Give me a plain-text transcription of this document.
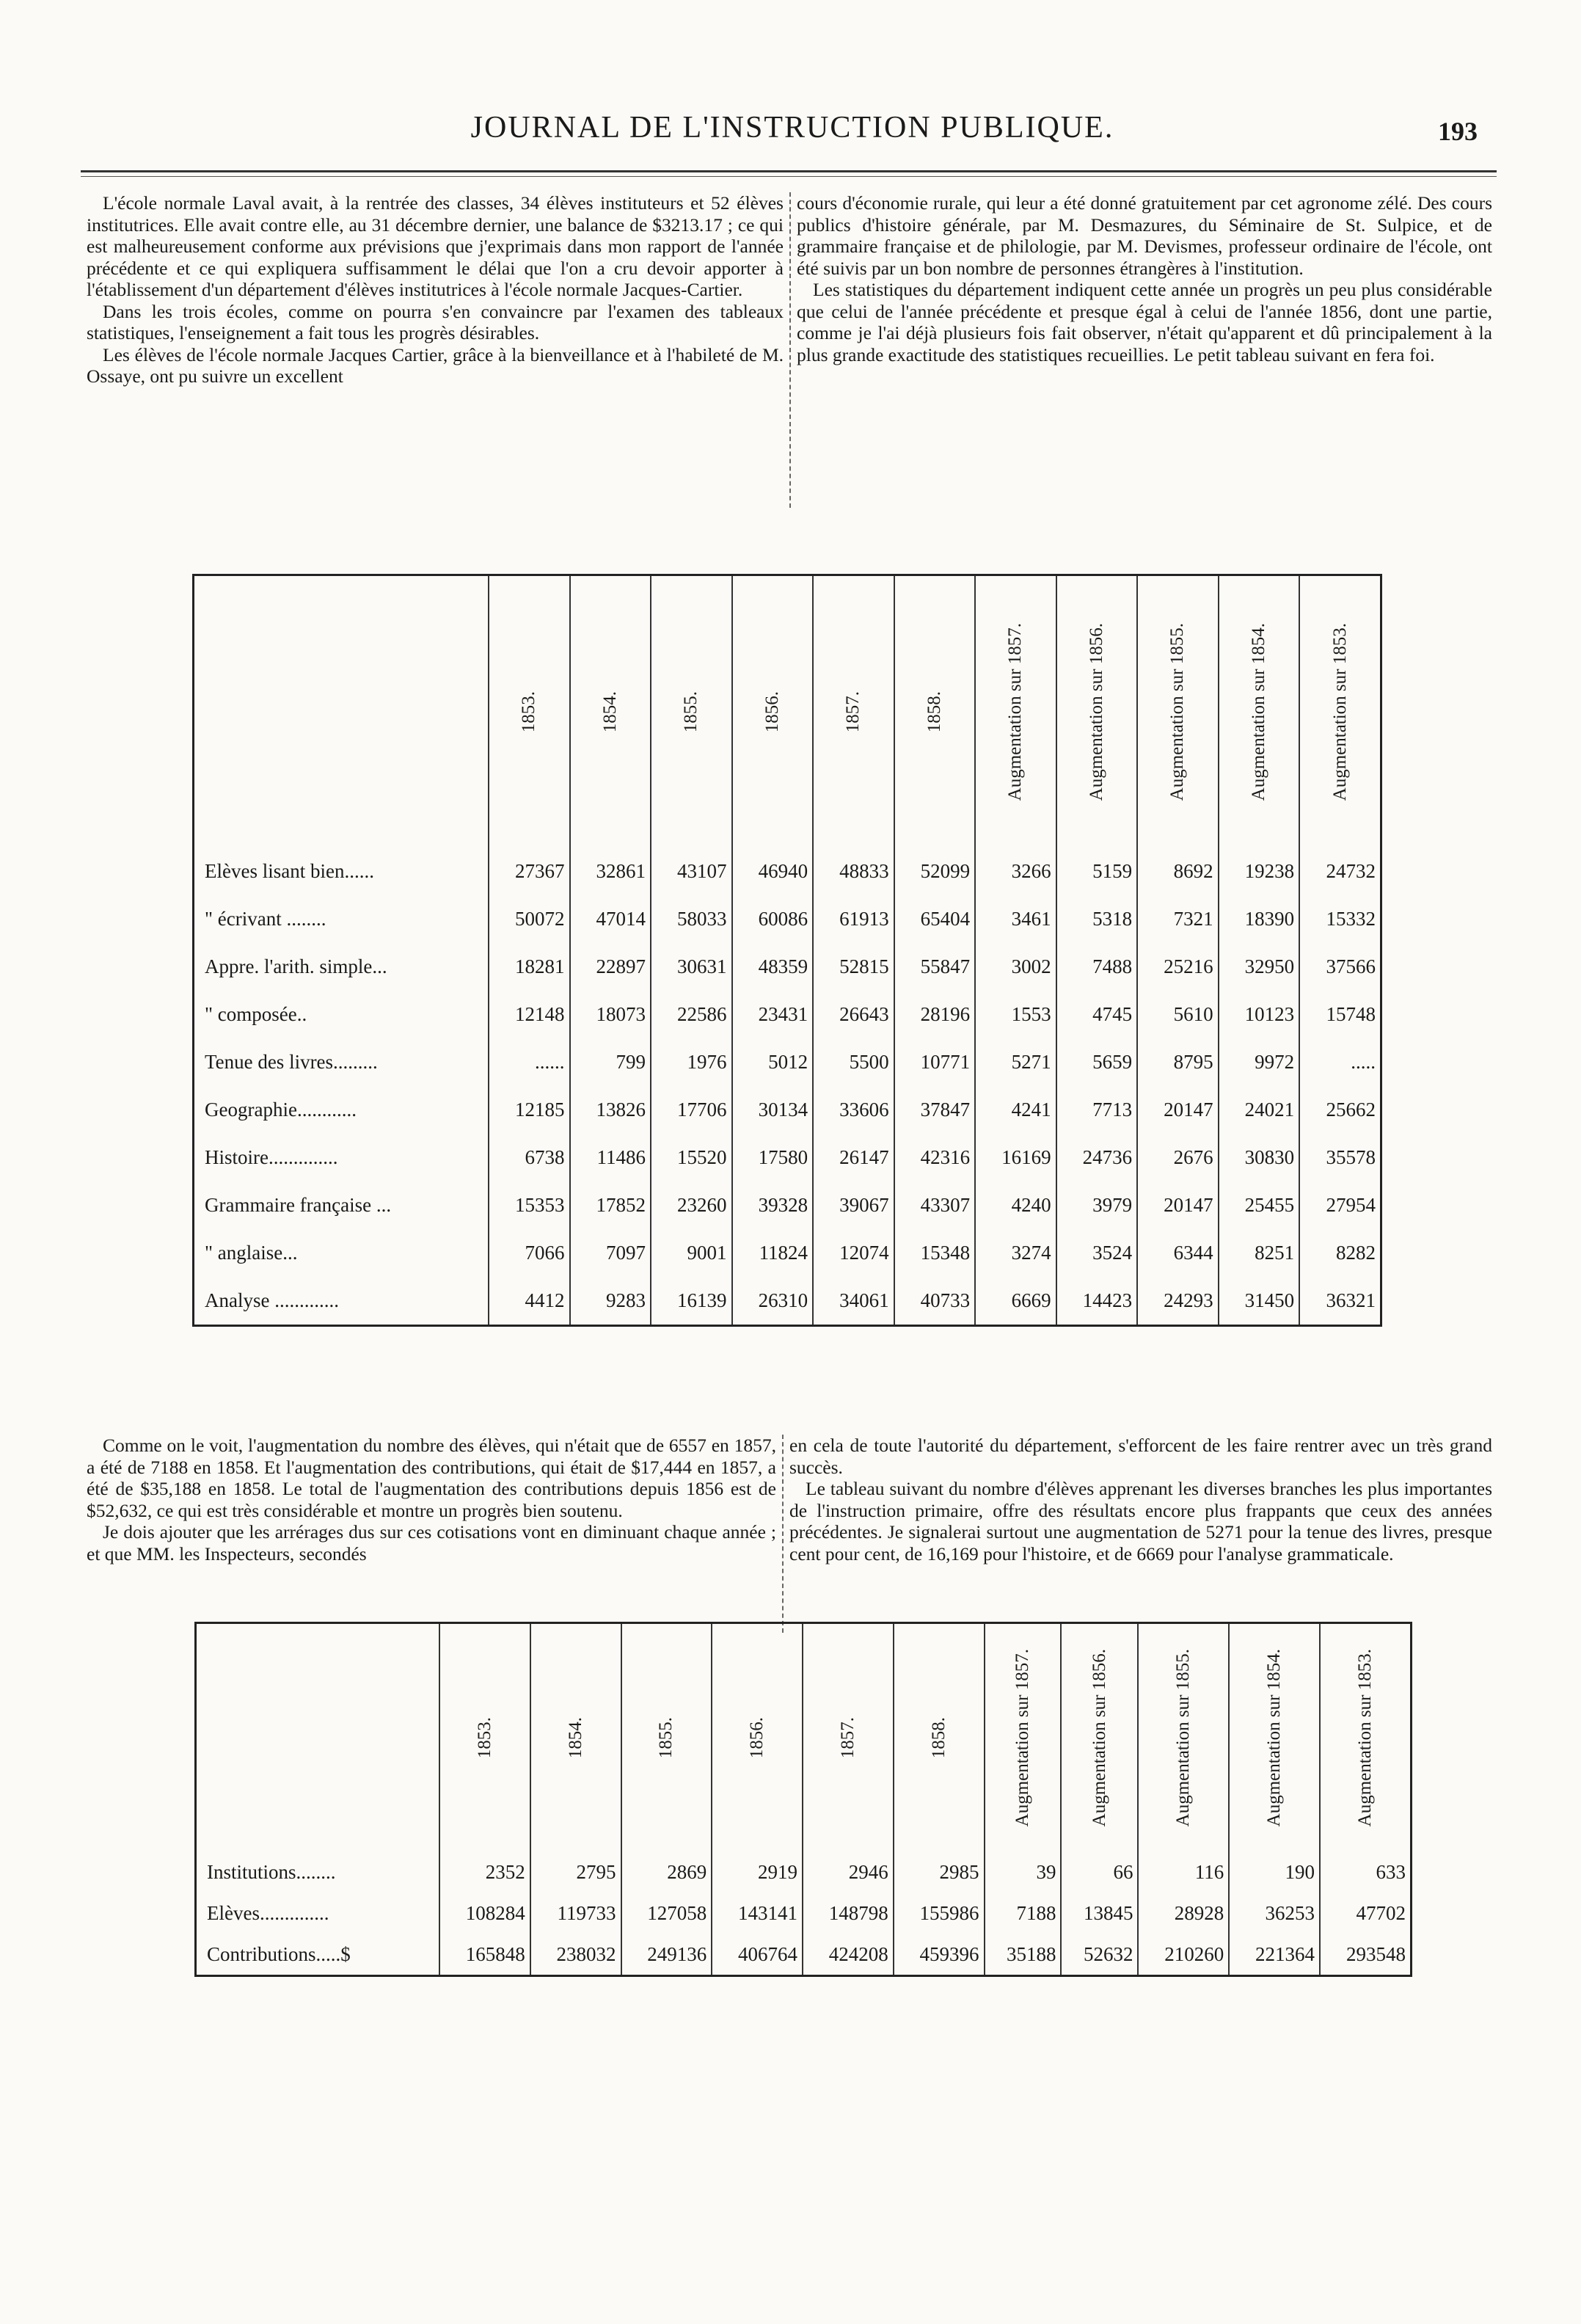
JOURNAL DE L'INSTRUCTION PUBLIQUE.	193

L'école normale Laval avait, à la rentrée des classes, 34 élèves instituteurs et 52 élèves institutrices. Elle avait contre elle, au 31 décembre dernier, une balance de $3213.17 ; ce qui est malheureusement conforme aux prévisions que j'exprimais dans mon rapport de l'année précédente et ce qui expliquera suffisamment le délai que l'on a cru devoir apporter à l'établissement d'un département d'élèves institutrices à l'école normale Jacques-Cartier.

Dans les trois écoles, comme on pourra s'en convaincre par l'examen des tableaux statistiques, l'enseignement a fait tous les progrès désirables.

Les élèves de l'école normale Jacques Cartier, grâce à la bienveillance et à l'habileté de M. Ossaye, ont pu suivre un excellent

cours d'économie rurale, qui leur a été donné gratuitement par cet agronome zélé. Des cours publics d'histoire générale, par M. Desmazures, du Séminaire de St. Sulpice, et de grammaire française et de philologie, par M. Devismes, professeur ordinaire de l'école, ont été suivis par un bon nombre de personnes étrangères à l'institution.

Les statistiques du département indiquent cette année un progrès un peu plus considérable que celui de l'année précédente et presque égal à celui de l'année 1856, dont une partie, comme je l'ai déjà plusieurs fois fait observer, n'était qu'apparent et dû principalement à la plus grande exactitude des statistiques recueillies. Le petit tableau suivant en fera foi.

	1853.	1854.	1855.	1856.	1857.	1858.	Augmentation sur 1857.	Augmentation sur 1856.	Augmentation sur 1855.	Augmentation sur 1854.	Augmentation sur 1853.

Elèves lisant bien......	27367	32861	43107	46940	48833	52099	3266	5159	8692	19238	24732
" écrivant ........	50072	47014	58033	60086	61913	65404	3461	5318	7321	18390	15332
Appre. l'arith. simple...	18281	22897	30631	48359	52815	55847	3002	7488	25216	32950	37566
" composée..	12148	18073	22586	23431	26643	28196	1553	4745	5610	10123	15748
Tenue des livres.........	......	799	1976	5012	5500	10771	5271	5659	8795	9972	.....
Geographie............	12185	13826	17706	30134	33606	37847	4241	7713	20147	24021	25662
Histoire..............	6738	11486	15520	17580	26147	42316	16169	24736	2676	30830	35578
Grammaire française ...	15353	17852	23260	39328	39067	43307	4240	3979	20147	25455	27954
" anglaise...	7066	7097	9001	11824	12074	15348	3274	3524	6344	8251	8282
Analyse .............	4412	9283	16139	26310	34061	40733	6669	14423	24293	31450	36321

Comme on le voit, l'augmentation du nombre des élèves, qui n'était que de 6557 en 1857, a été de 7188 en 1858. Et l'augmentation des contributions, qui était de $17,444 en 1857, a été de $35,188 en 1858. Le total de l'augmentation des contributions depuis 1856 est de $52,632, ce qui est très considérable et montre un progrès bien soutenu.

Je dois ajouter que les arrérages dus sur ces cotisations vont en diminuant chaque année ; et que MM. les Inspecteurs, secondés

en cela de toute l'autorité du département, s'efforcent de les faire rentrer avec un très grand succès.

Le tableau suivant du nombre d'élèves apprenant les diverses branches les plus importantes de l'instruction primaire, offre des résultats encore plus frappants que ceux des années précédentes. Je signalerai surtout une augmentation de 5271 pour la tenue des livres, presque cent pour cent, de 16,169 pour l'histoire, et de 6669 pour l'analyse grammaticale.

	1853.	1854.	1855.	1856.	1857.	1858.	Augmentation sur 1857.	Augmentation sur 1856.	Augmentation sur 1855.	Augmentation sur 1854.	Augmentation sur 1853.

Institutions........	2352	2795	2869	2919	2946	2985	39	66	116	190	633
Elèves..............	108284	119733	127058	143141	148798	155986	7188	13845	28928	36253	47702
Contributions.....$	165848	238032	249136	406764	424208	459396	35188	52632	210260	221364	293548
